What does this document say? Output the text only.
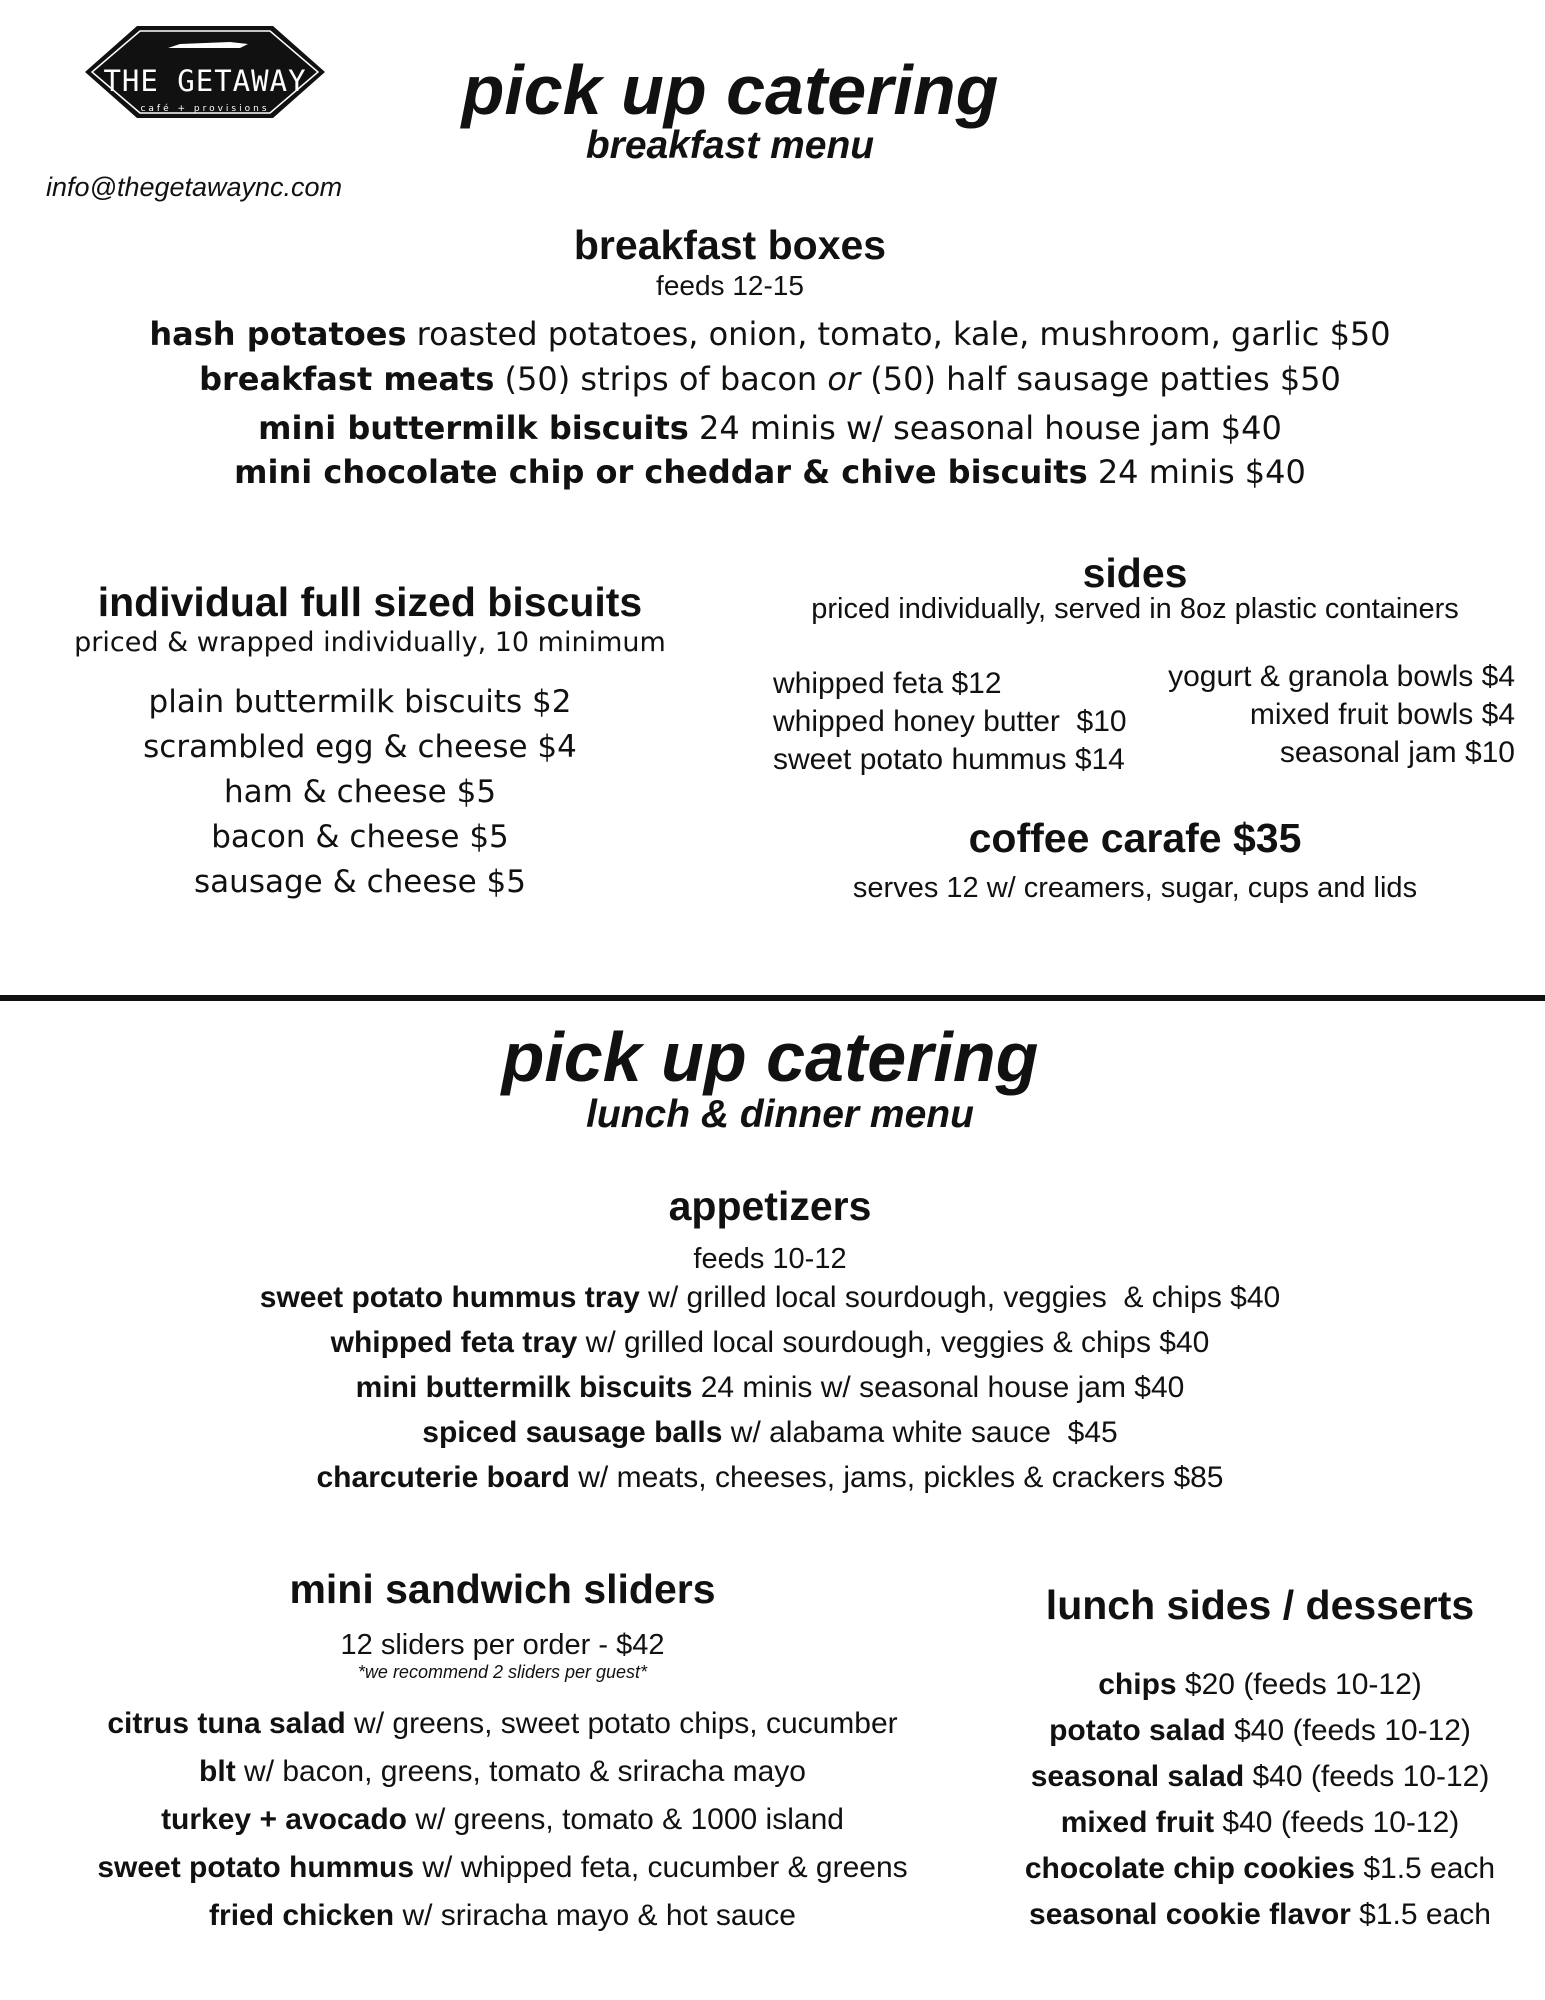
THE GETAWAY
café + provisions
info@thegetawaync.com
pick up catering
breakfast menu
breakfast boxes
feeds 12-15
hash potatoes roasted potatoes, onion, tomato, kale, mushroom, garlic $50
breakfast meats (50) strips of bacon or (50) half sausage patties $50
mini buttermilk biscuits 24 minis w/ seasonal house jam $40
mini chocolate chip or cheddar & chive biscuits 24 minis $40
individual full sized biscuits
priced & wrapped individually, 10 minimum
plain buttermilk biscuits $2
scrambled egg & cheese $4
ham & cheese $5
bacon & cheese $5
sausage & cheese $5
sides
priced individually, served in 8oz plastic containers
whipped feta $12
whipped honey butter  $10
sweet potato hummus $14
yogurt & granola bowls $4
mixed fruit bowls $4
seasonal jam $10
coffee carafe $35
serves 12 w/ creamers, sugar, cups and lids
pick up catering
lunch & dinner menu
appetizers
feeds 10-12
sweet potato hummus tray w/ grilled local sourdough, veggies  & chips $40
whipped feta tray w/ grilled local sourdough, veggies & chips $40
mini buttermilk biscuits 24 minis w/ seasonal house jam $40
spiced sausage balls w/ alabama white sauce  $45
charcuterie board w/ meats, cheeses, jams, pickles & crackers $85
mini sandwich sliders
12 sliders per order - $42
*we recommend 2 sliders per guest*
citrus tuna salad w/ greens, sweet potato chips, cucumber
blt w/ bacon, greens, tomato & sriracha mayo
turkey + avocado w/ greens, tomato & 1000 island
sweet potato hummus w/ whipped feta, cucumber & greens
fried chicken w/ sriracha mayo & hot sauce
lunch sides / desserts
chips $20 (feeds 10-12)
potato salad $40 (feeds 10-12)
seasonal salad $40 (feeds 10-12)
mixed fruit $40 (feeds 10-12)
chocolate chip cookies $1.5 each
seasonal cookie flavor $1.5 each
